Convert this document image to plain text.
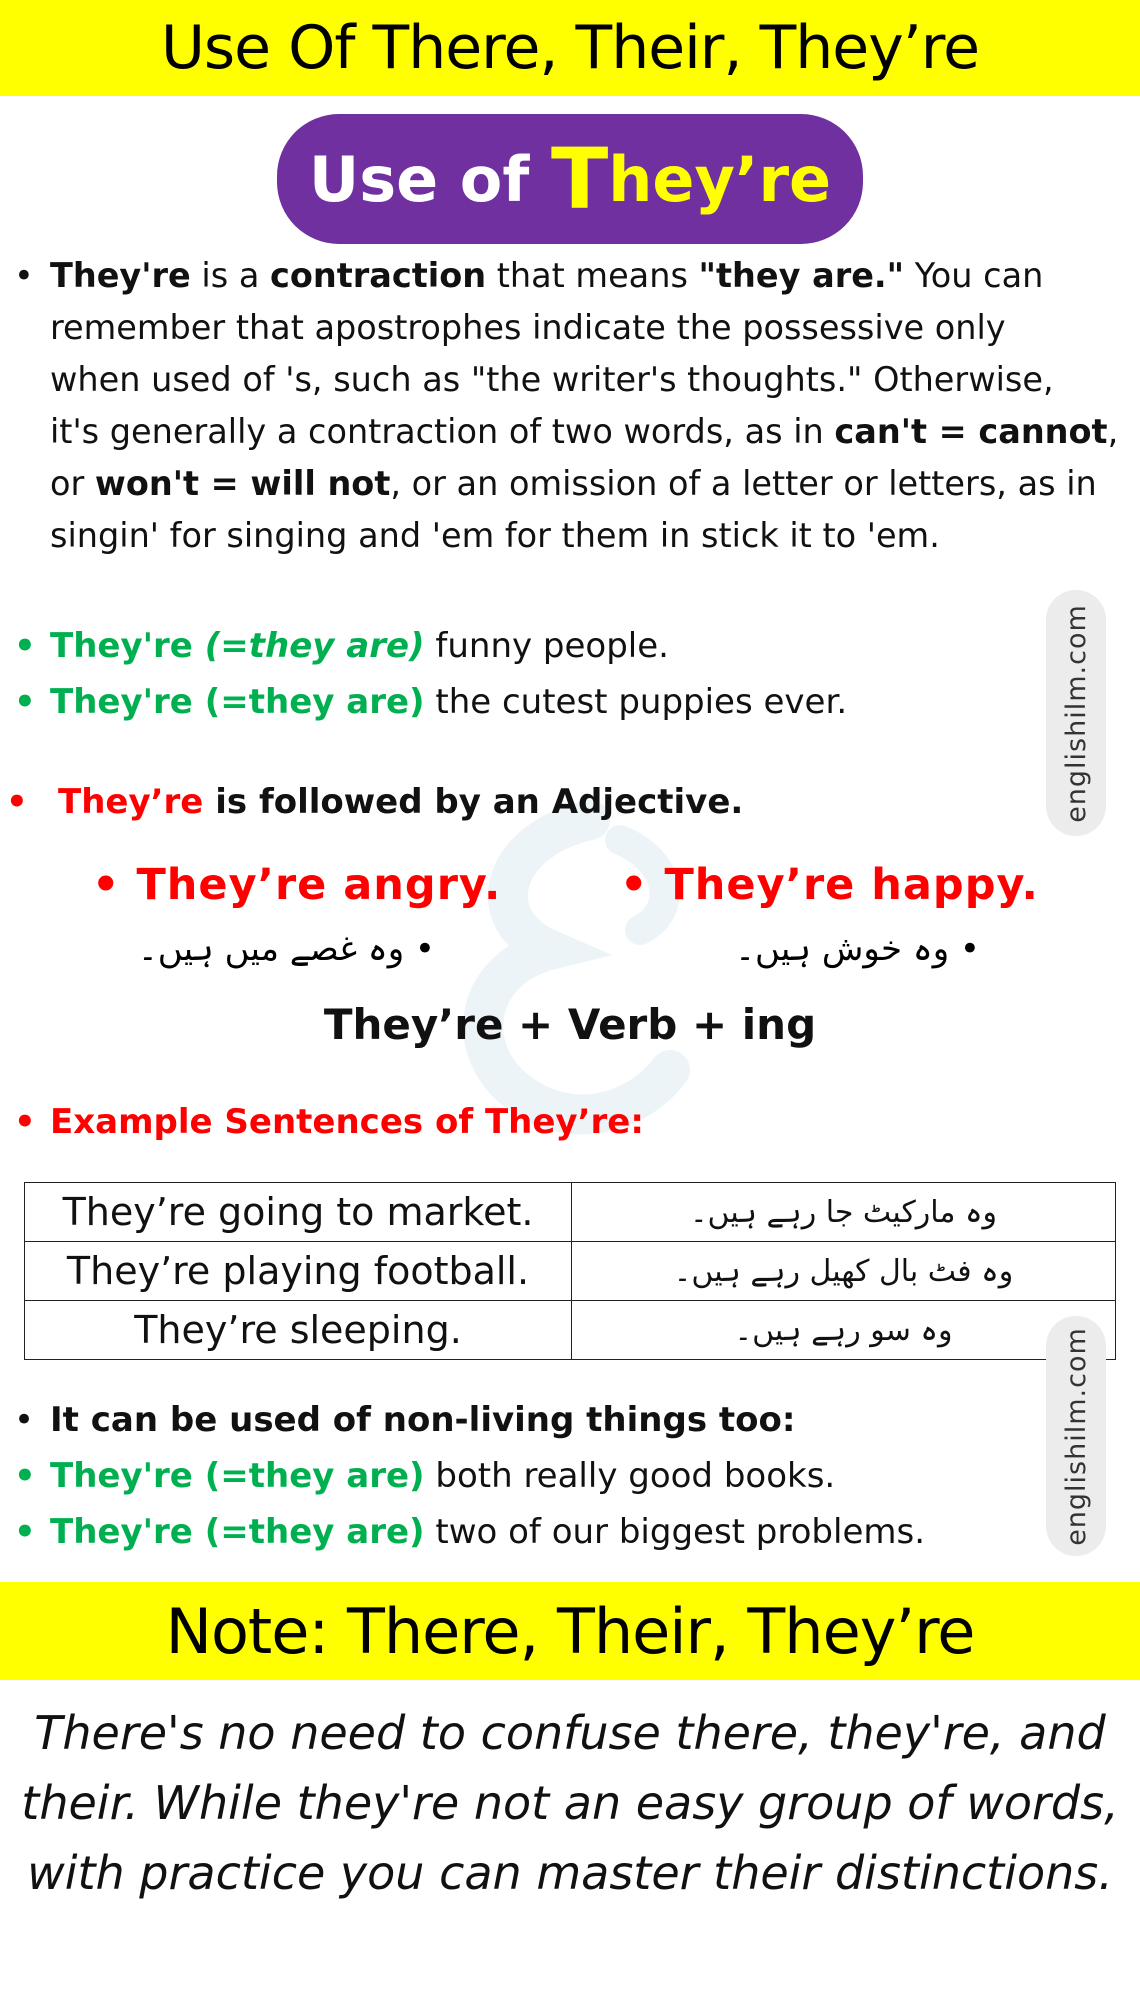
Use Of There, Their, They’re
Use of T hey’re
• They're is a contraction that means "they are." You can
remember that apostrophes indicate the possessive only
when used of 's, such as "the writer's thoughts." Otherwise,
it's generally a contraction of two words, as in can't = cannot,
or won't = will not, or an omission of a letter or letters, as in
singin' for singing and 'em for them in stick it to 'em.
• They're (=they are) funny people.
• They're (=they are) the cutest puppies ever.
• They’re is followed by an Adjective.
• They’re angry.	• They’re happy.
• وہ غصے میں ہیں۔	• وہ خوش ہیں۔
They’re + Verb + ing
• Example Sentences of They’re:
They’re going to market.	وہ مارکیٹ جا رہے ہیں۔
They’re playing football.	وہ فٹ بال کھیل رہے ہیں۔
They’re sleeping.	وہ سو رہے ہیں۔
• It can be used of non-living things too:
• They're (=they are) both really good books.
• They're (=they are) two of our biggest problems.
englishilm.com
englishilm.com
Note: There, Their, They’re
There's no need to confuse there, they're, and
their. While they're not an easy group of words,
with practice you can master their distinctions.
